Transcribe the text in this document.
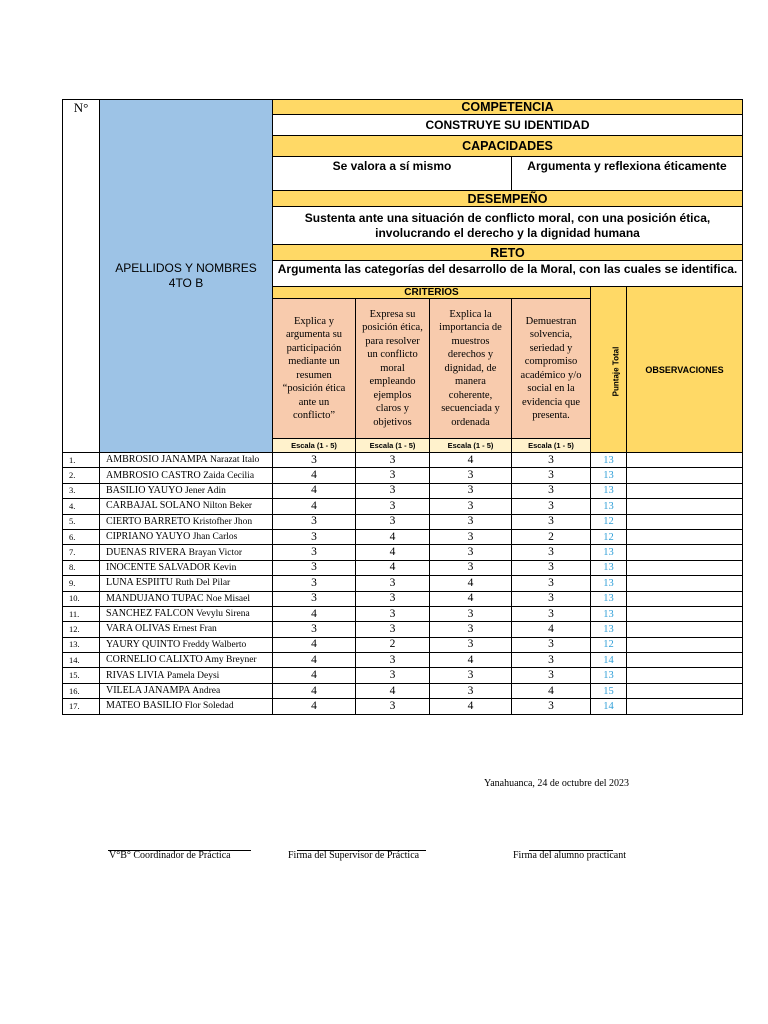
N°	APELLIDOS Y NOMBRES
4TO B	COMPETENCIA					
		CONSTRUYE SU IDENTIDAD					
		CAPACIDADES					
		Se valora a sí mismo			Argumenta y reflexiona éticamente		
		DESEMPEÑO					
		Sustenta ante una situación de conflicto moral, con una posición ética, involucrando el derecho y la dignidad humana					
		RETO					
		Argumenta las categorías del desarrollo de la Moral, con las cuales se identifica.					
		CRITERIOS				Puntaje Total	OBSERVACIONES
		Explica y argumenta su participación mediante un resumen “posición ética ante un conflicto”	Expresa su posición ética, para resolver un conflicto moral empleando ejemplos claros y objetivos	Explica la importancia de muestros derechos y dignidad, de manera coherente, secuenciada y ordenada	Demuestran solvencia, seriedad y compromiso académico y/o social en la evidencia que presenta.		
		Escala (1 - 5)	Escala (1 - 5)	Escala (1 - 5)	Escala (1 - 5)		
1.	AMBROSIO JANAMPA Narazat Italo	3	3	4	3	13	
2.	AMBROSIO CASTRO Zaida Cecilia	4	3	3	3	13	
3.	BASILIO YAUYO Jener Adin	4	3	3	3	13	
4.	CARBAJAL SOLANO Nilton Beker	4	3	3	3	13	
5.	CIERTO BARRETO Kristofher Jhon	3	3	3	3	12	
6.	CIPRIANO YAUYO Jhan Carlos	3	4	3	2	12	
7.	DUENAS RIVERA Brayan Victor	3	4	3	3	13	
8.	INOCENTE SALVADOR Kevin	3	4	3	3	13	
9.	LUNA ESPIITU Ruth Del Pilar	3	3	4	3	13	
10.	MANDUJANO TUPAC Noe Misael	3	3	4	3	13	
11.	SANCHEZ FALCON Vevylu Sirena	4	3	3	3	13	
12.	VARA OLIVAS Ernest Fran	3	3	3	4	13	
13.	YAURY QUINTO Freddy Walberto	4	2	3	3	12	
14.	CORNELIO CALIXTO Amy Breyner	4	3	4	3	14	
15.	RIVAS LIVIA Pamela Deysi	4	3	3	3	13	
16.	VILELA JANAMPA Andrea	4	4	3	4	15	
17.	MATEO BASILIO Flor Soledad	4	3	4	3	14	
Yanahuanca, 24 de octubre del 2023
V°B° Coordinador de Práctica	Firma del Supervisor de Práctica	Firma del alumno practicant
